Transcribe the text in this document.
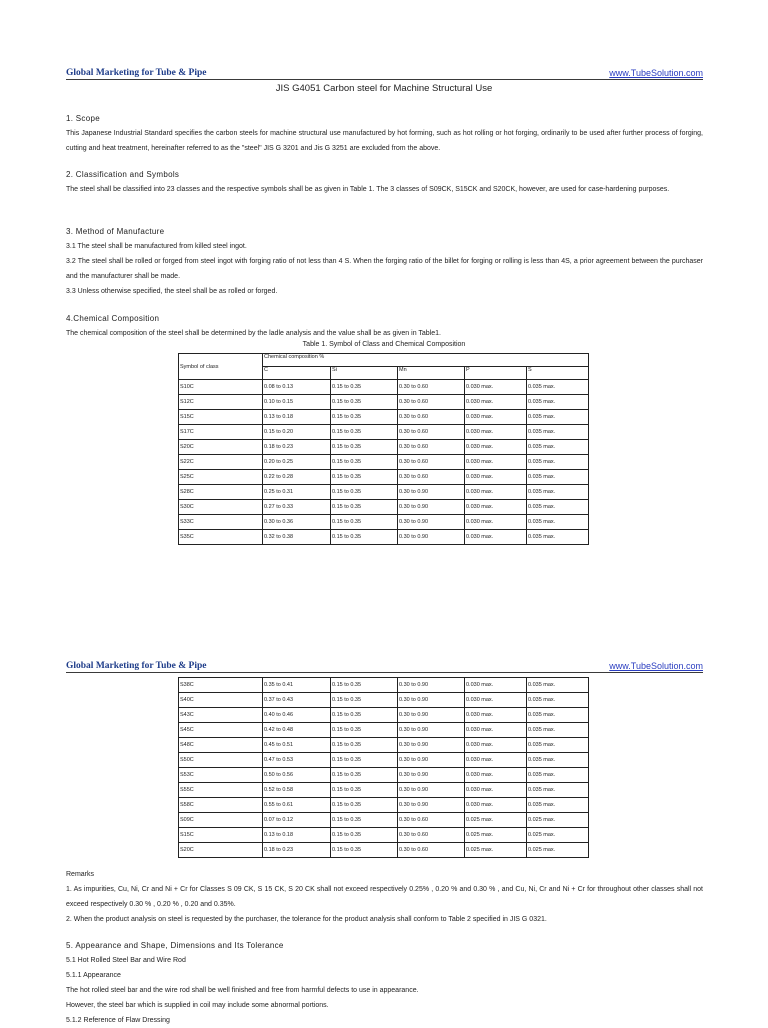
Global Marketing for Tube & Pipe	www.TubeSolution.com
JIS G4051 Carbon steel for Machine Structural Use
1. Scope
This Japanese Industrial Standard specifies the carbon steels for machine structural use manufactured by hot forming, such as hot rolling or hot forging, ordinarily to be used after further process of forging, cutting and heat treatment, hereinafter referred to as the "steel" JIS G 3201 and Jis G 3251 are excluded from the above.
2. Classification and Symbols
The steel shall be classified into 23 classes and the respective symbols shall be as given in Table 1. The 3 classes of S09CK, S15CK and S20CK, however, are used for case-hardening purposes.
3. Method of Manufacture
3.1 The steel shall be manufactured from killed steel ingot.
3.2 The steel shall be rolled or forged from steel ingot with forging ratio of not less than 4 S. When the forging ratio of the billet for forging or rolling is less than 4S, a prior agreement between the purchaser and the manufacturer shall be made.
3.3 Unless otherwise specified, the steel shall be as rolled or forged.
4.Chemical Composition
The chemical composition of the steel shall be determined by the ladle analysis and the value shall be as given in Table1.
Table 1. Symbol of Class and Chemical Composition
Symbol of class	Chemical composition %				
	C	Si	Mn	P	S
S10C	0.08 to 0.13	0.15 to 0.35	0.30 to 0.60	0.030 max.	0.035 max.
S12C	0.10 to 0.15	0.15 to 0.35	0.30 to 0.60	0.030 max.	0.035 max.
S15C	0.13 to 0.18	0.15 to 0.35	0.30 to 0.60	0.030 max.	0.035 max.
S17C	0.15 to 0.20	0.15 to 0.35	0.30 to 0.60	0.030 max.	0.035 max.
S20C	0.18 to 0.23	0.15 to 0.35	0.30 to 0.60	0.030 max.	0.035 max.
S22C	0.20 to 0.25	0.15 to 0.35	0.30 to 0.60	0.030 max.	0.035 max.
S25C	0.22 to 0.28	0.15 to 0.35	0.30 to 0.60	0.030 max.	0.035 max.
S28C	0.25 to 0.31	0.15 to 0.35	0.30 to 0.90	0.030 max.	0.035 max.
S30C	0.27 to 0.33	0.15 to 0.35	0.30 to 0.90	0.030 max.	0.035 max.
S33C	0.30 to 0.36	0.15 to 0.35	0.30 to 0.90	0.030 max.	0.035 max.
S35C	0.32 to 0.38	0.15 to 0.35	0.30 to 0.90	0.030 max.	0.035 max.
Global Marketing for Tube & Pipe	www.TubeSolution.com
S38C	0.35 to 0.41	0.15 to 0.35	0.30 to 0.90	0.030 max.	0.035 max.
S40C	0.37 to 0.43	0.15 to 0.35	0.30 to 0.90	0.030 max.	0.035 max.
S43C	0.40 to 0.46	0.15 to 0.35	0.30 to 0.90	0.030 max.	0.035 max.
S45C	0.42 to 0.48	0.15 to 0.35	0.30 to 0.90	0.030 max.	0.035 max.
S48C	0.45 to 0.51	0.15 to 0.35	0.30 to 0.90	0.030 max.	0.035 max.
S50C	0.47 to 0.53	0.15 to 0.35	0.30 to 0.90	0.030 max.	0.035 max.
S53C	0.50 to 0.56	0.15 to 0.35	0.30 to 0.90	0.030 max.	0.035 max.
S55C	0.52 to 0.58	0.15 to 0.35	0.30 to 0.90	0.030 max.	0.035 max.
S58C	0.55 to 0.61	0.15 to 0.35	0.30 to 0.90	0.030 max.	0.035 max.
S09C	0.07 to 0.12	0.15 to 0.35	0.30 to 0.60	0.025 max.	0.025 max.
S15C	0.13 to 0.18	0.15 to 0.35	0.30 to 0.60	0.025 max.	0.025 max.
S20C	0.18 to 0.23	0.15 to 0.35	0.30 to 0.60	0.025 max.	0.025 max.
Remarks
1. As impurities, Cu, Ni, Cr and Ni + Cr for Classes S 09 CK, S 15 CK, S 20 CK shall not exceed respectively 0.25% , 0.20 % and 0.30 % , and Cu, Ni, Cr and Ni + Cr for throughout other classes shall not exceed respectively 0.30 % , 0.20 % , 0.20 and 0.35%.
2. When the product analysis on steel is requested by the purchaser, the tolerance for the product analysis shall conform to Table 2 specified in JIS G 0321.
5. Appearance and Shape, Dimensions and Its Tolerance
5.1 Hot Rolled Steel Bar and Wire Rod
5.1.1 Appearance
The hot rolled steel bar and the wire rod shall be well finished and free from harmful defects to use in appearance.
However, the steel bar which is supplied in coil may include some abnormal portions.
5.1.2 Reference of Flaw Dressing
